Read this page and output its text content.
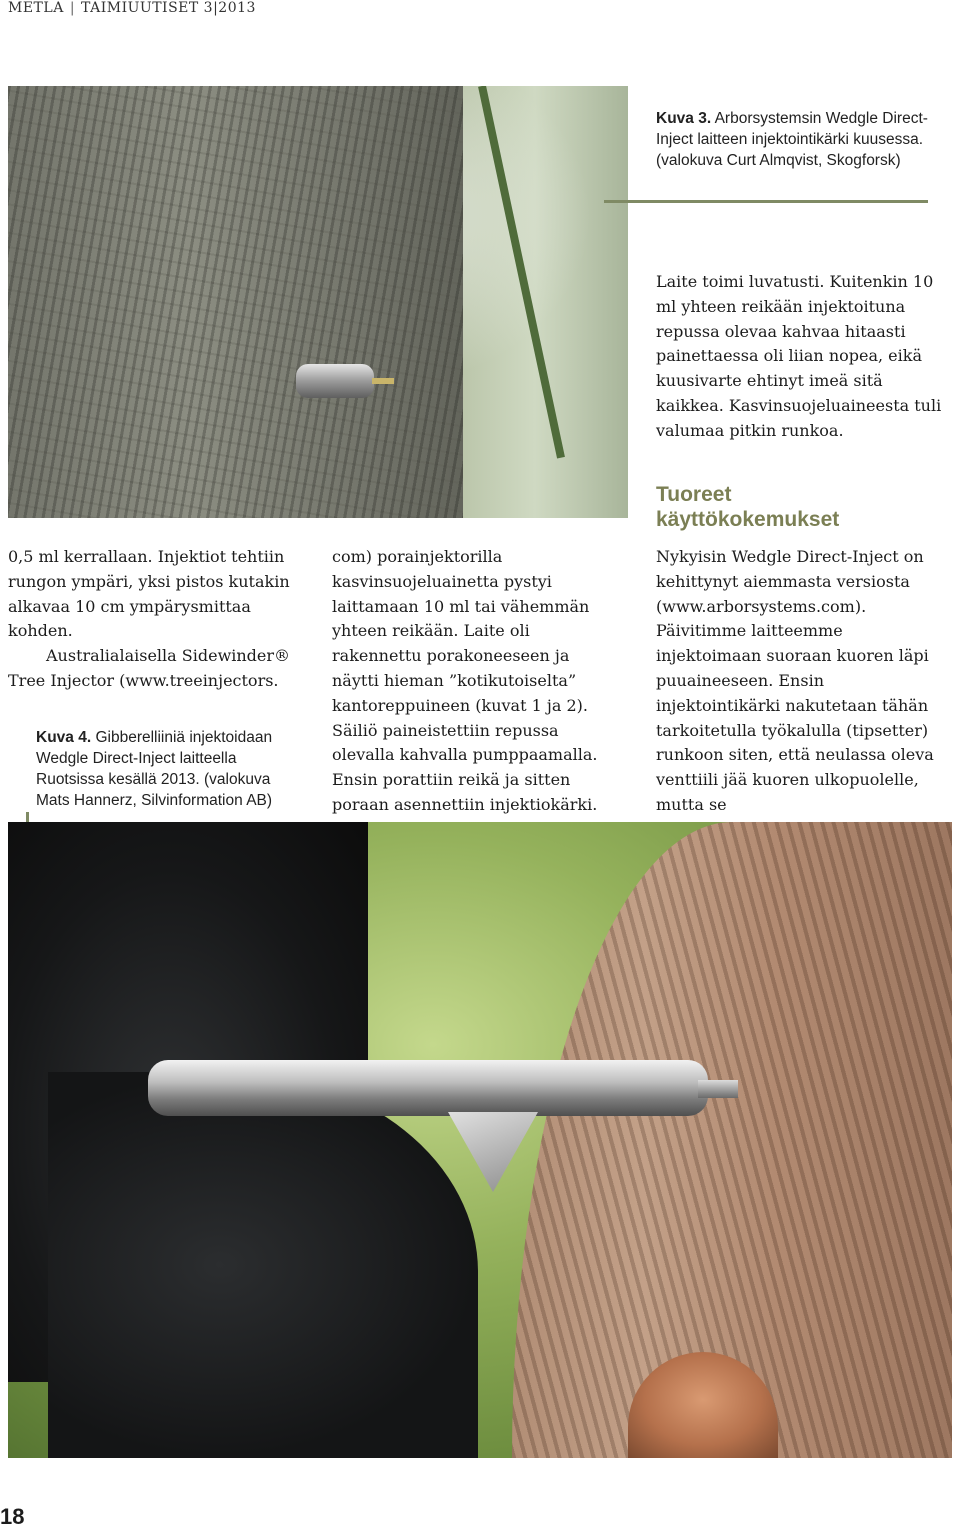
METLA | TAIMIUUTISET 3|2013
Kuva 3. Arborsystemsin Wedgle Direct-Inject laitteen injektointikärki kuusessa. (valokuva Curt Almqvist, Skogforsk)

Laite toimi luvatusti. Kuitenkin 10 ml yhteen reikään injektoituna repussa olevaa kahvaa hitaasti painettaessa oli liian nopea, eikä kuusivarte ehtinyt imeä sitä kaikkea. Kasvinsuojeluaineesta tuli valumaa pitkin runkoa.

Tuoreet käyttökokemukset

0,5 ml kerrallaan. Injektiot tehtiin rungon ympäri, yksi pistos kutakin alkavaa 10 cm ympärysmittaa kohden.

Australialaisella Sidewinder® Tree Injector (www.treeinjectors.

Kuva 4. Gibberelliiniä injektoidaan Wedgle Direct-Inject laitteella Ruotsissa kesällä 2013. (valokuva Mats Hannerz, Silvinformation AB)

com) porainjektorilla kasvinsuojeluainetta pystyi laittamaan 10 ml tai vähemmän yhteen reikään. Laite oli rakennettu porakoneeseen ja näytti hieman ”kotikutoiselta” kantoreppuineen (kuvat 1 ja 2). Säiliö paineistettiin repussa olevalla kahvalla pumppaamalla. Ensin porattiin reikä ja sitten poraan asennettiin injektiokärki.

Nykyisin Wedgle Direct-Inject on kehittynyt aiemmasta versiosta (www.arborsystems.com). Päivitimme laitteemme injektoimaan suoraan kuoren läpi puuaineeseen. Ensin injektointikärki nakutetaan tähän tarkoitetulla työkalulla (tipsetter) runkoon siten, että neulassa oleva venttiili jää kuoren ulkopuolelle, mutta se

18
